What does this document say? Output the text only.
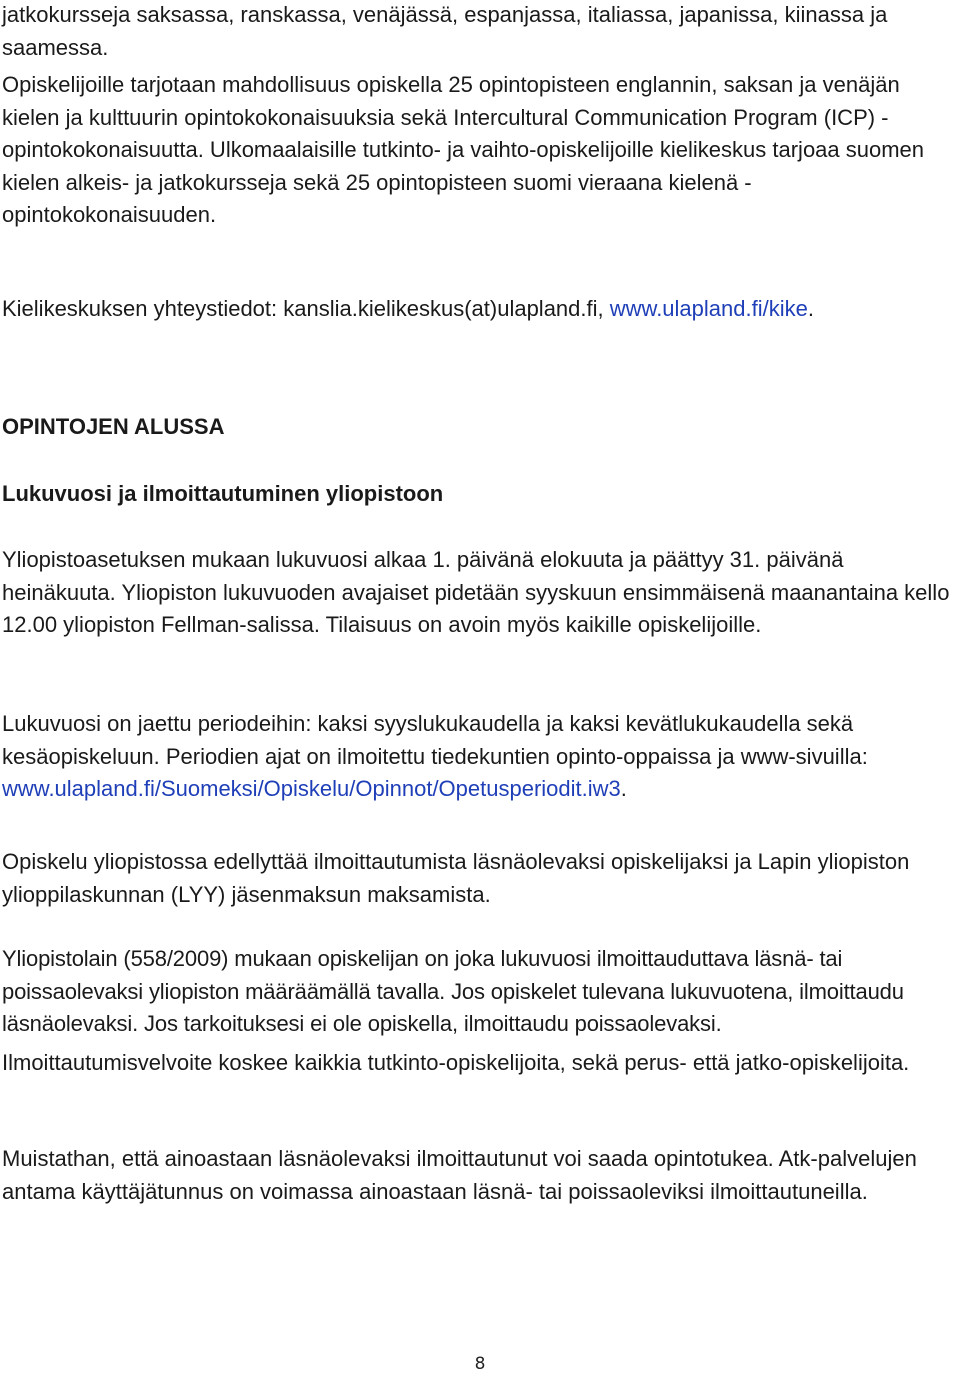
jatkokursseja saksassa, ranskassa, venäjässä, espanjassa, italiassa, japanissa, kiinassa ja saamessa.

Opiskelijoille tarjotaan mahdollisuus opiskella 25 opintopisteen englannin, saksan ja venäjän kielen ja kulttuurin opintokokonaisuuksia sekä Intercultural Communication Program (ICP) -opintokokonaisuutta. Ulkomaalaisille tutkinto- ja vaihto-opiskelijoille kielikeskus tarjoaa suomen kielen alkeis- ja jatkokursseja sekä 25 opintopisteen suomi vieraana kielenä -opintokokonaisuuden.

Kielikeskuksen yhteystiedot: kanslia.kielikeskus(at)ulapland.fi, www.ulapland.fi/kike.

OPINTOJEN ALUSSA
Lukuvuosi ja ilmoittautuminen yliopistoon

Yliopistoasetuksen mukaan lukuvuosi alkaa 1. päivänä elokuuta ja päättyy 31. päivänä heinäkuuta. Yliopiston lukuvuoden avajaiset pidetään syyskuun ensimmäisenä maanantaina kello 12.00 yliopiston Fellman-salissa. Tilaisuus on avoin myös kaikille opiskelijoille.

Lukuvuosi on jaettu periodeihin: kaksi syyslukukaudella ja kaksi kevätlukukaudella sekä kesäopiskeluun. Periodien ajat on ilmoitettu tiedekuntien opinto-oppaissa ja www-sivuilla: www.ulapland.fi/Suomeksi/Opiskelu/Opinnot/Opetusperiodit.iw3.

Opiskelu yliopistossa edellyttää ilmoittautumista läsnäolevaksi opiskelijaksi ja Lapin yliopiston ylioppilaskunnan (LYY) jäsenmaksun maksamista.

Yliopistolain (558/2009) mukaan opiskelijan on joka lukuvuosi ilmoittauduttava läsnä- tai poissaolevaksi yliopiston määräämällä tavalla. Jos opiskelet tulevana lukuvuotena, ilmoittaudu läsnäolevaksi. Jos tarkoituksesi ei ole opiskella, ilmoittaudu poissaolevaksi.

Ilmoittautumisvelvoite koskee kaikkia tutkinto-opiskelijoita, sekä perus- että jatko-opiskelijoita.

Muistathan, että ainoastaan läsnäolevaksi ilmoittautunut voi saada opintotukea. Atk-palvelujen antama käyttäjätunnus on voimassa ainoastaan läsnä- tai poissaoleviksi ilmoittautuneilla.

8
